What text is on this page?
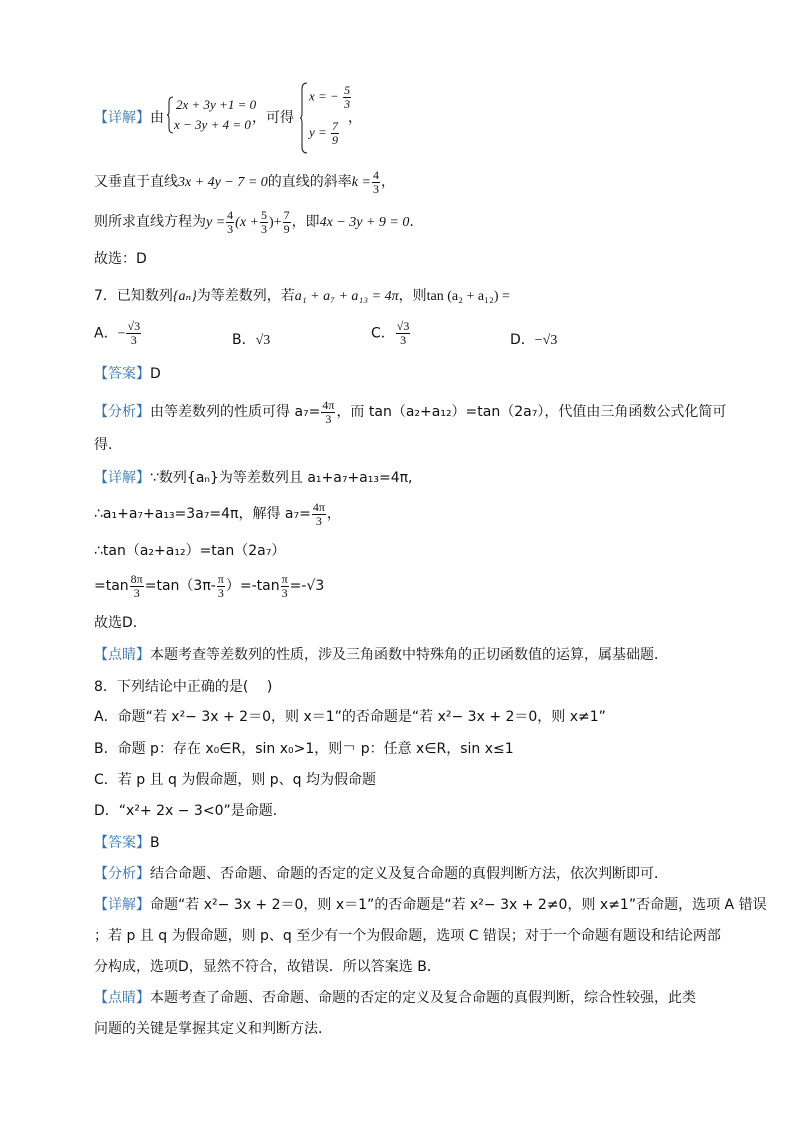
【详解】由
2x + 3y +1 = 0
x − 3y + 4 = 0 ，可得
x = − $\frac{5}{3}$
$y = \frac{7}{9}$
，
又垂直于直线3x + 4y − 7 = 0的直线的斜率$k = \frac{4}{3}$ ，
则所求直线方程为$y = \frac{4}{3} (x + \frac{5}{3}$ )+ $\frac{7}{9}$ ，即4x − 3y + 9 = 0.
故选：D
7．已知数列{aₙ}为等差数列，若a₁ + a₇ + a₁₃ = 4π，则tan (a₂ + a₁₂) =
A．− $\frac{√3}{3}$	B．√3	C． $\frac{√3}{3}$	D．−√3
【答案】D
【分析】由等差数列的性质可得 $a_7= \frac{4\pi}{3}$ ，而 tan（a₂+a₁₂）=tan（2a₇），代值由三角函数公式化简可
得．
【详解】∵数列{aₙ}为等差数列且 a₁+a₇+a₁₃=4π,
∴a₁+a₇+a₁₃=3a₇=4π，解得 $a_7= \frac{4\pi}{3}$ ，
∴tan（a₂+a₁₂）=tan（2a₇）
$=\tan \frac{8\pi}{3} =\tan(3\pi- \frac{\pi}{3} )=-\tan \frac{\pi}{3} =-√3$
故选D．
【点睛】本题考查等差数列的性质，涉及三角函数中特殊角的正切函数值的运算，属基础题．
8．下列结论中正确的是(　 )
A．命题“若 x²− 3x + 2＝0，则 x＝1”的否命题是“若 x²− 3x + 2＝0，则 x≠1”
B．命题 p：存在 x₀∈R，sin x₀>1，则￢ p：任意 x∈R，sin x≤1
C．若 p 且 q 为假命题，则 p、q 均为假命题
D．“x²+ 2x − 3<0”是命题．
【答案】B
【分析】结合命题、否命题、命题的否定的定义及复合命题的真假判断方法，依次判断即可．
【详解】命题“若 x²− 3x + 2＝0，则 x＝1”的否命题是“若 x²− 3x + 2≠0，则 x≠1”否命题，选项 A 错误
；若 p 且 q 为假命题，则 p、q 至少有一个为假命题，选项 C 错误；对于一个命题有题设和结论两部
分构成，选项D，显然不符合，故错误．所以答案选 B．
【点睛】本题考查了命题、否命题、命题的否定的定义及复合命题的真假判断，综合性较强，此类
问题的关键是掌握其定义和判断方法．
